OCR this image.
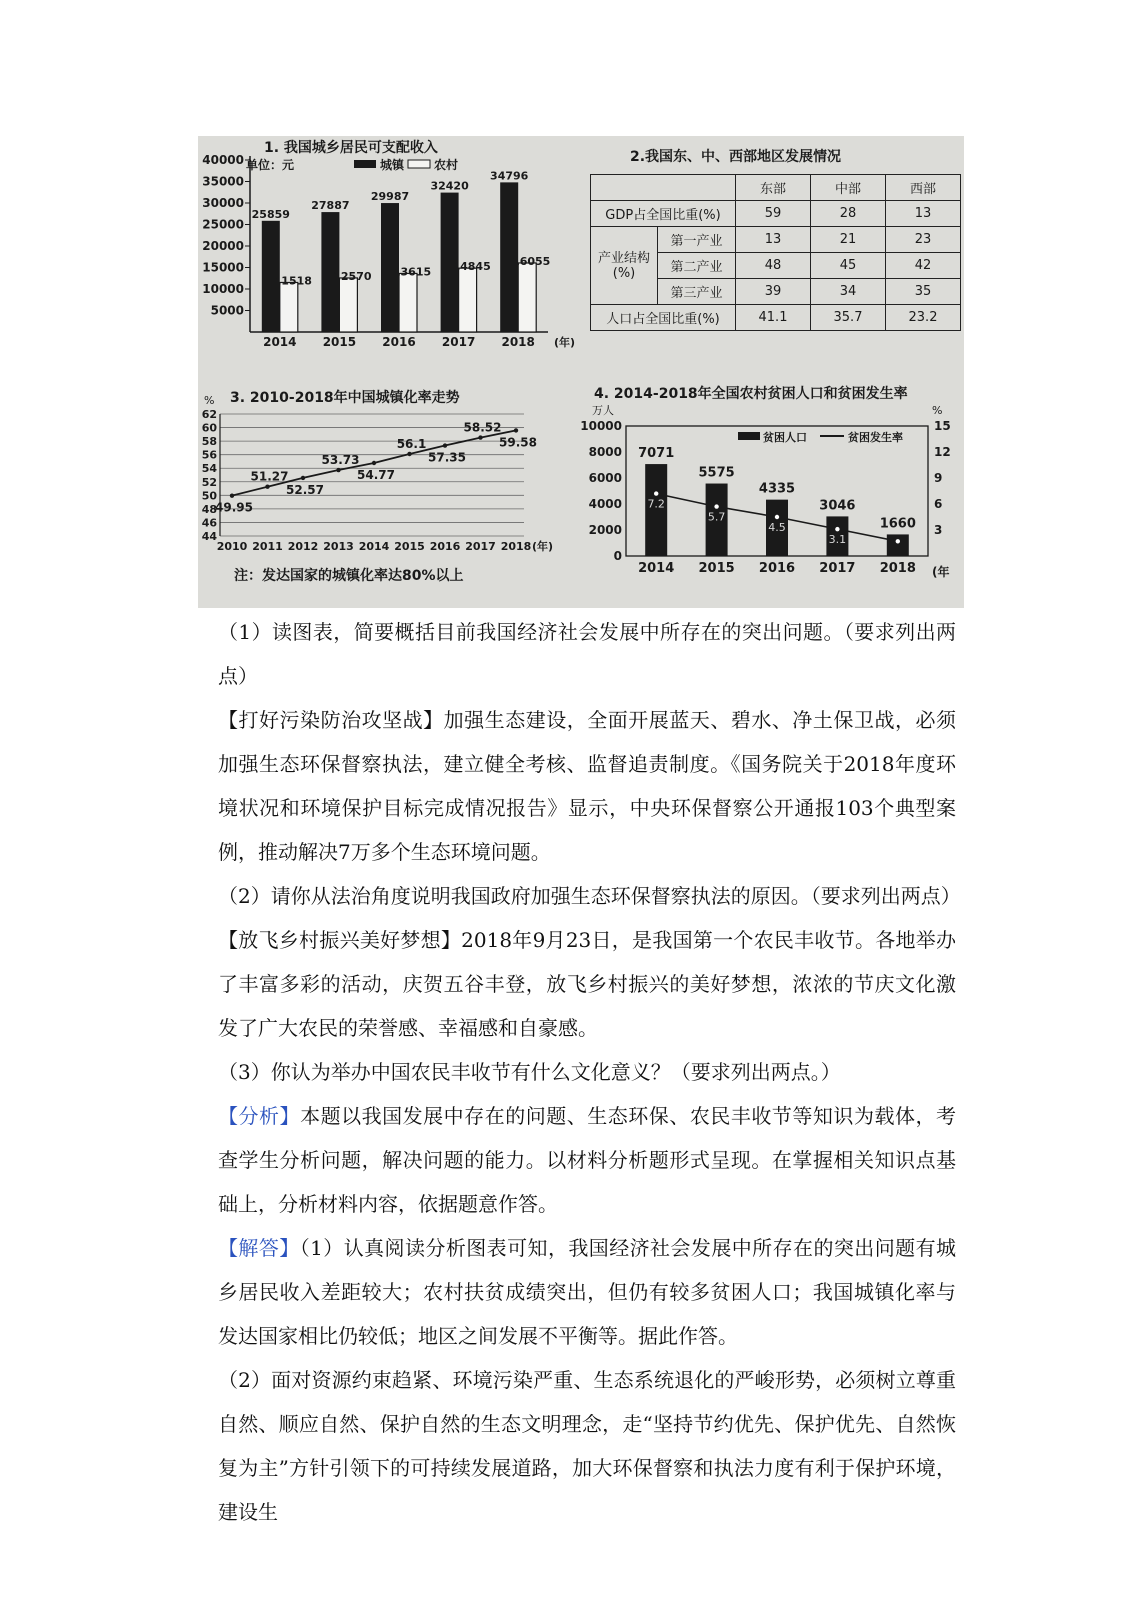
1. 我国城乡居民可支配收入
单位：元	城镇 农村
40000
35000
30000
25000
20000
15000
10000
5000
25859
11518
2014
27887
12570
2015
29987
13615
2016
32420
14845
2017
34796
16055
2018 (年)
3. 2010-2018年中国城镇化率走势
%
62
60
58
56
54
52
50
48
46
44
2010 2011 2012 2013 2014 2015 2016 2017 2018
49.95
51.27
52.57
53.73
54.77
56.1
57.35
58.52
59.58
(年)
注：发达国家的城镇化率达80%以上
4. 2014-2018年全国农村贫困人口和贫困发生率
万人	%
贫困人口	贫困发生率
10000
8000
6000
4000
2000
0
15
12
9
6
3
7071
2014
5575
2015
4335
2016
3046
2017
1660
2018
7.2
5.7
4.5
3.1
(年
2.我国东、中、西部地区发展情况
		东部	中部	西部
GDP占全国比重(%)		59	28	13
产业结构(%)	第一产业	13	21	23
	第二产业	48	45	42
	第三产业	39	34	35
人口占全国比重(%)		41.1	35.7	23.2

（1）读图表，简要概括目前我国经济社会发展中所存在的突出问题。（要求列出两点）

【打好污染防治攻坚战】加强生态建设，全面开展蓝天、碧水、净土保卫战，必须加强生态环保督察执法，建立健全考核、监督追责制度。《国务院关于2018年度环境状况和环境保护目标完成情况报告》显示，中央环保督察公开通报103个典型案例，推动解决7万多个生态环境问题。

（2）请你从法治角度说明我国政府加强生态环保督察执法的原因。（要求列出两点）

【放飞乡村振兴美好梦想】2018年9月23日，是我国第一个农民丰收节。各地举办了丰富多彩的活动，庆贺五谷丰登，放飞乡村振兴的美好梦想，浓浓的节庆文化激发了广大农民的荣誉感、幸福感和自豪感。

（3）你认为举办中国农民丰收节有什么文化意义？（要求列出两点。）

【分析】本题以我国发展中存在的问题、生态环保、农民丰收节等知识为载体，考查学生分析问题，解决问题的能力。以材料分析题形式呈现。在掌握相关知识点基础上，分析材料内容，依据题意作答。

【解答】（1）认真阅读分析图表可知，我国经济社会发展中所存在的突出问题有城乡居民收入差距较大；农村扶贫成绩突出，但仍有较多贫困人口；我国城镇化率与发达国家相比仍较低；地区之间发展不平衡等。据此作答。

（2）面对资源约束趋紧、环境污染严重、生态系统退化的严峻形势，必须树立尊重自然、顺应自然、保护自然的生态文明理念，走“坚持节约优先、保护优先、自然恢复为主”方针引领下的可持续发展道路，加大环保督察和执法力度有利于保护环境，建设生
